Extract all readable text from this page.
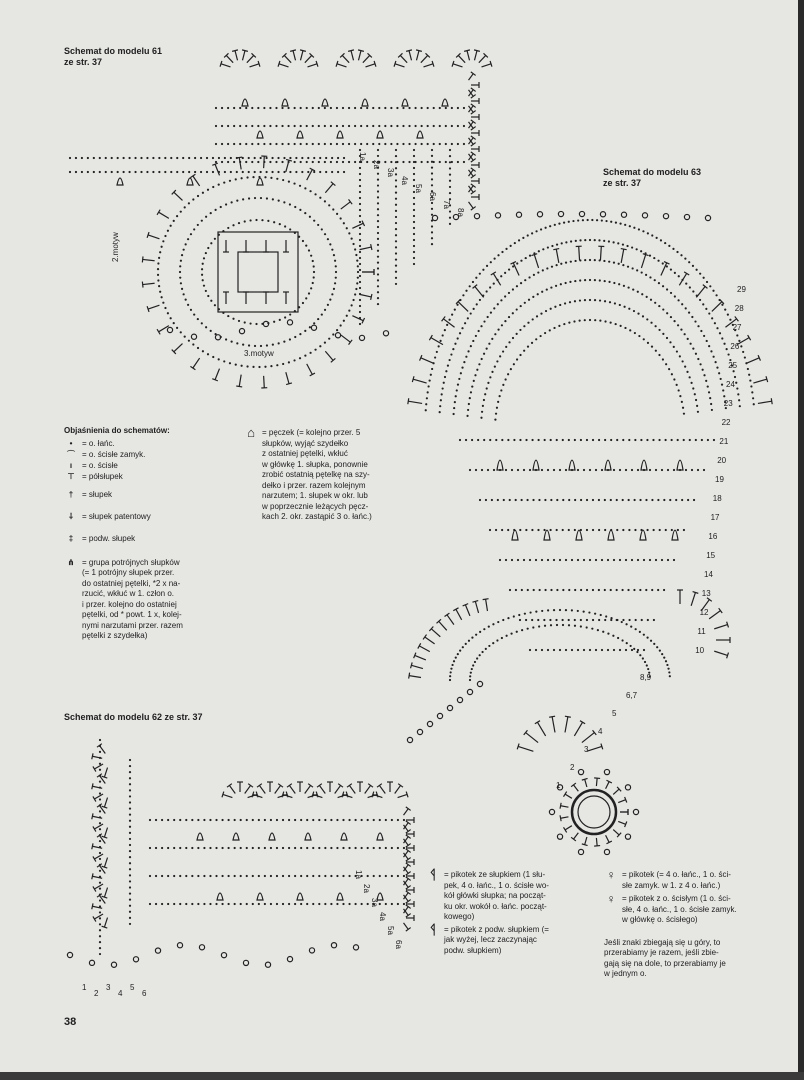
Schemat do modelu 61
ze str. 37
Schemat do modelu 63
ze str. 37
Schemat do modelu 62 ze str. 37
2.motyw
3.motyw
8a
7a
6a
5a
4a
3a
2a
1a
29
28
27
26
25
24
23
22
21
20
19
18
17
16
15
14
13
12
11
10
8,9
6,7
5
4
3
2
1
6a
5a
4a
3a
2a
1a
1
2
3
4
5
6
Objaśnienia do schematów:
•	= o. łańc.
⌒ = o. ścisłe zamyk.
ı	= o. ścisłe
⊤ = półsłupek
†	= słupek
⸸	= słupek patentowy
‡	= podw. słupek
⋔ = grupa potrójnych słupków
(= 1 potrójny słupek przer.
do ostatniej pętelki, *2 x na-
rzucić, wkłuć w 1. człon o.
i przer. kolejno do ostatniej
pętelki, od * powt. 1 x, kolej-
nymi narzutami przer. razem
pętelki z szydełka)
⌂ = pęczek (= kolejno przer. 5
słupków, wyjąć szydełko
z ostatniej pętelki, wkłuć
w główkę 1. słupka, ponownie
zrobić ostatnią pętelkę na szy-
dełko i przer. razem kolejnym
narzutem; 1. słupek w okr. lub
w poprzecznie leżących pęcz-
kach 2. okr. zastąpić 3 o. łańc.)
ᛩ = pikotek ze słupkiem (1 słu-
pek, 4 o. łańc., 1 o. ścisłe wo-
kół główki słupka; na począt-
ku okr. wokół o. łańc. począt-
kowego)
ᛩ = pikotek z podw. słupkiem (=
jak wyżej, lecz zaczynając
podw. słupkiem)
♀ = pikotek (= 4 o. łańc., 1 o. ści-
słe zamyk. w 1. z 4 o. łańc.)
♀ = pikotek z o. ścisłym (1 o. ści-
słe, 4 o. łańc., 1 o. ścisłe zamyk.
w główkę o. ścisłego)
Jeśli znaki zbiegają się u góry, to
przerabiamy je razem, jeśli zbie-
gają się na dole, to przerabiamy je
w jednym o.
38
